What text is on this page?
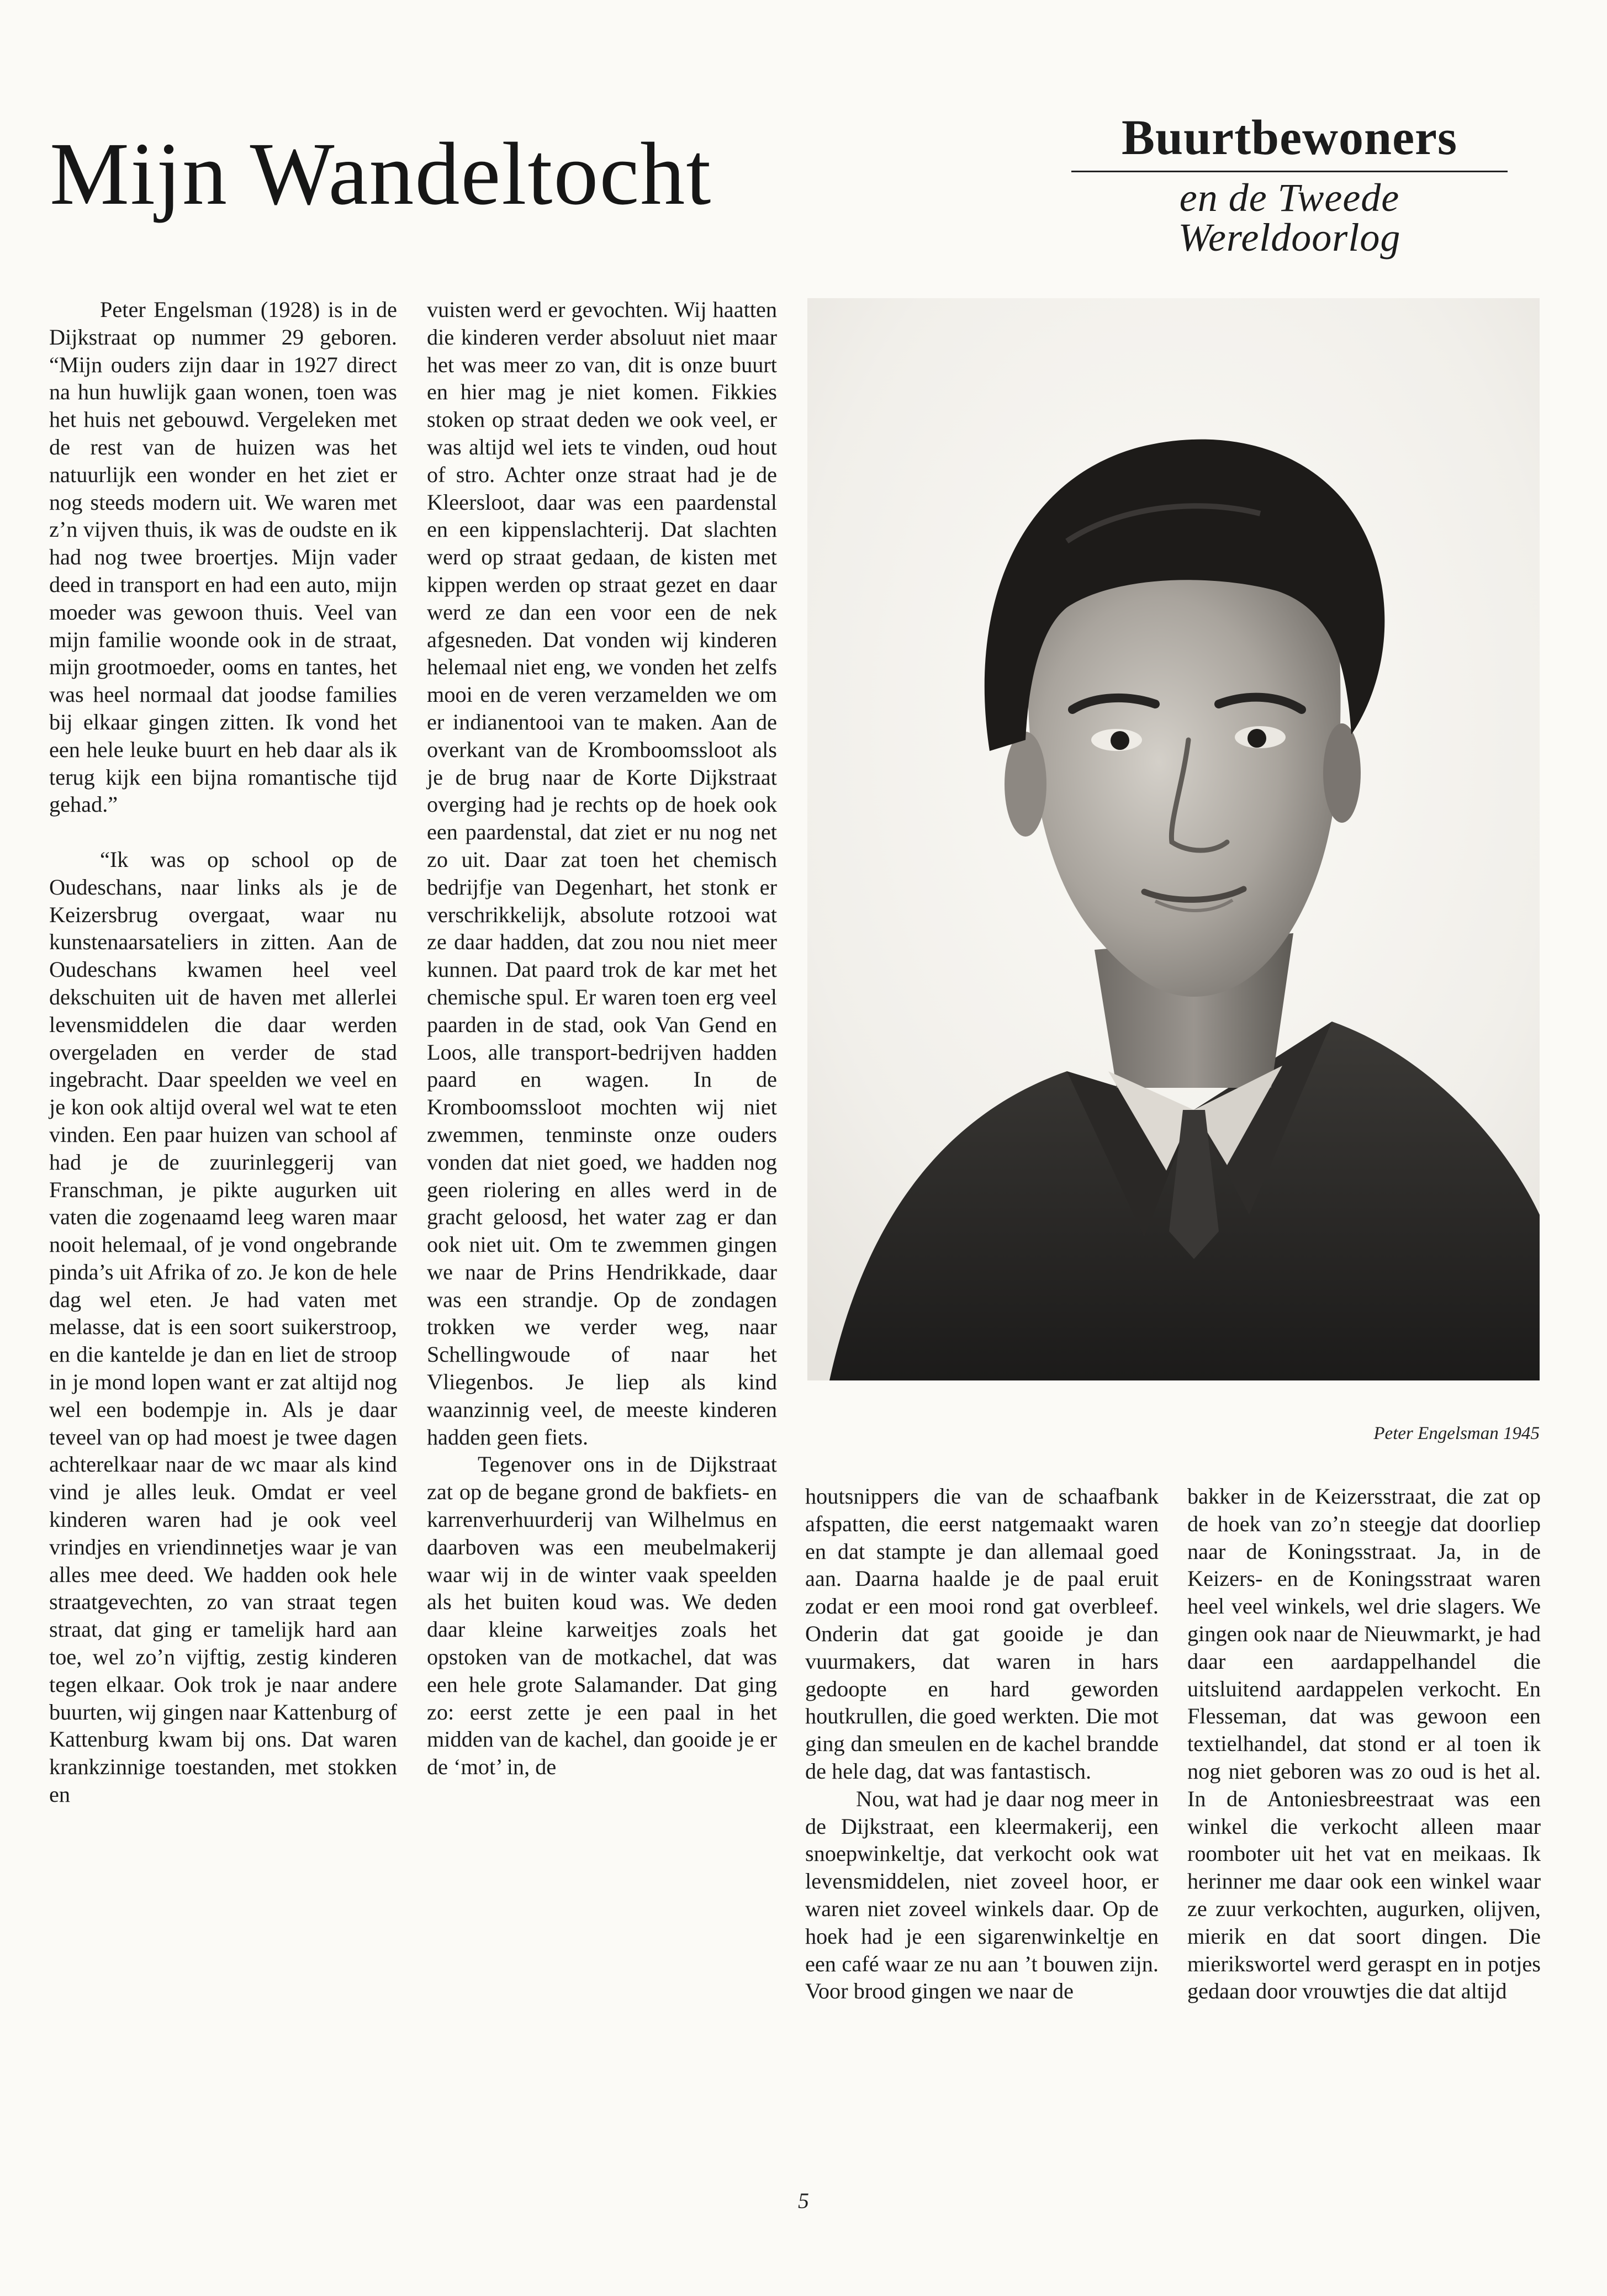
Mijn Wandeltocht	Buurtbewoners
en de Tweede Wereldoorlog

Peter Engelsman (1928) is in de Dijkstraat op nummer 29 geboren. “Mijn ouders zijn daar in 1927 direct na hun huwlijk gaan wonen, toen was het huis net gebouwd. Vergeleken met de rest van de huizen was het natuurlijk een wonder en het ziet er nog steeds modern uit. We waren met z’n vijven thuis, ik was de oudste en ik had nog twee broertjes. Mijn vader deed in transport en had een auto, mijn moeder was gewoon thuis. Veel van mijn familie woonde ook in de straat, mijn grootmoeder, ooms en tantes, het was heel normaal dat joodse families bij elkaar gingen zitten. Ik vond het een hele leuke buurt en heb daar als ik terug kijk een bijna romantische tijd gehad.”

“Ik was op school op de Oudeschans, naar links als je de Keizersbrug overgaat, waar nu kunstenaarsateliers in zitten. Aan de Oudeschans kwamen heel veel dekschuiten uit de haven met allerlei levensmiddelen die daar werden overgeladen en verder de stad ingebracht. Daar speelden we veel en je kon ook altijd overal wel wat te eten vinden. Een paar huizen van school af had je de zuurinleggerij van Franschman, je pikte augurken uit vaten die zogenaamd leeg waren maar nooit helemaal, of je vond ongebrande pinda’s uit Afrika of zo. Je kon de hele dag wel eten. Je had vaten met melasse, dat is een soort suikerstroop, en die kantelde je dan en liet de stroop in je mond lopen want er zat altijd nog wel een bodempje in. Als je daar teveel van op had moest je twee dagen achterelkaar naar de wc maar als kind vind je alles leuk. Omdat er veel kinderen waren had je ook veel vrindjes en vriendinnetjes waar je van alles mee deed. We hadden ook hele straatgevechten, zo van straat tegen straat, dat ging er tamelijk hard aan toe, wel zo’n vijftig, zestig kinderen tegen elkaar. Ook trok je naar andere buurten, wij gingen naar Kattenburg of Kattenburg kwam bij ons. Dat waren krankzinnige toestanden, met stokken en

vuisten werd er gevochten. Wij haatten die kinderen verder absoluut niet maar het was meer zo van, dit is onze buurt en hier mag je niet komen. Fikkies stoken op straat deden we ook veel, er was altijd wel iets te vinden, oud hout of stro. Achter onze straat had je de Kleersloot, daar was een paardenstal en een kippenslachterij. Dat slachten werd op straat gedaan, de kisten met kippen werden op straat gezet en daar werd ze dan een voor een de nek afgesneden. Dat vonden wij kinderen helemaal niet eng, we vonden het zelfs mooi en de veren verzamelden we om er indianentooi van te maken. Aan de overkant van de Kromboomssloot als je de brug naar de Korte Dijkstraat overging had je rechts op de hoek ook een paardenstal, dat ziet er nu nog net zo uit. Daar zat toen het chemisch bedrijfje van Degenhart, het stonk er verschrikkelijk, absolute rotzooi wat ze daar hadden, dat zou nou niet meer kunnen. Dat paard trok de kar met het chemische spul. Er waren toen erg veel paarden in de stad, ook Van Gend en Loos, alle transport-bedrijven hadden paard en wagen. In de Kromboomssloot mochten wij niet zwemmen, tenminste onze ouders vonden dat niet goed, we hadden nog geen riolering en alles werd in de gracht geloosd, het water zag er dan ook niet uit. Om te zwemmen gingen we naar de Prins Hendrikkade, daar was een strandje. Op de zondagen trokken we verder weg, naar Schellingwoude of naar het Vliegenbos. Je liep als kind waanzinnig veel, de meeste kinderen hadden geen fiets.

Tegenover ons in de Dijkstraat zat op de begane grond de bakfiets- en karrenverhuurderij van Wilhelmus en daarboven was een meubelmakerij waar wij in de winter vaak speelden als het buiten koud was. We deden daar kleine karweitjes zoals het opstoken van de motkachel, dat was een hele grote Salamander. Dat ging zo: eerst zette je een paal in het midden van de kachel, dan gooide je er de ‘mot’ in, de

Peter Engelsman 1945

houtsnippers die van de schaafbank afspatten, die eerst natgemaakt waren en dat stampte je dan allemaal goed aan. Daarna haalde je de paal eruit zodat er een mooi rond gat overbleef. Onderin dat gat gooide je dan vuurmakers, dat waren in hars gedoopte en hard geworden houtkrullen, die goed werkten. Die mot ging dan smeulen en de kachel brandde de hele dag, dat was fantastisch.

Nou, wat had je daar nog meer in de Dijkstraat, een kleermakerij, een snoepwinkeltje, dat verkocht ook wat levensmiddelen, niet zoveel hoor, er waren niet zoveel winkels daar. Op de hoek had je een sigarenwinkeltje en een café waar ze nu aan ’t bouwen zijn. Voor brood gingen we naar de

bakker in de Keizersstraat, die zat op de hoek van zo’n steegje dat doorliep naar de Koningsstraat. Ja, in de Keizers- en de Koningsstraat waren heel veel winkels, wel drie slagers. We gingen ook naar de Nieuwmarkt, je had daar een aardappelhandel die uitsluitend aardappelen verkocht. En Flesseman, dat was gewoon een textielhandel, dat stond er al toen ik nog niet geboren was zo oud is het al. In de Antoniesbreestraat was een winkel die verkocht alleen maar roomboter uit het vat en meikaas. Ik herinner me daar ook een winkel waar ze zuur verkochten, augurken, olijven, mierik en dat soort dingen. Die mierikswortel werd geraspt en in potjes gedaan door vrouwtjes die dat altijd

5
